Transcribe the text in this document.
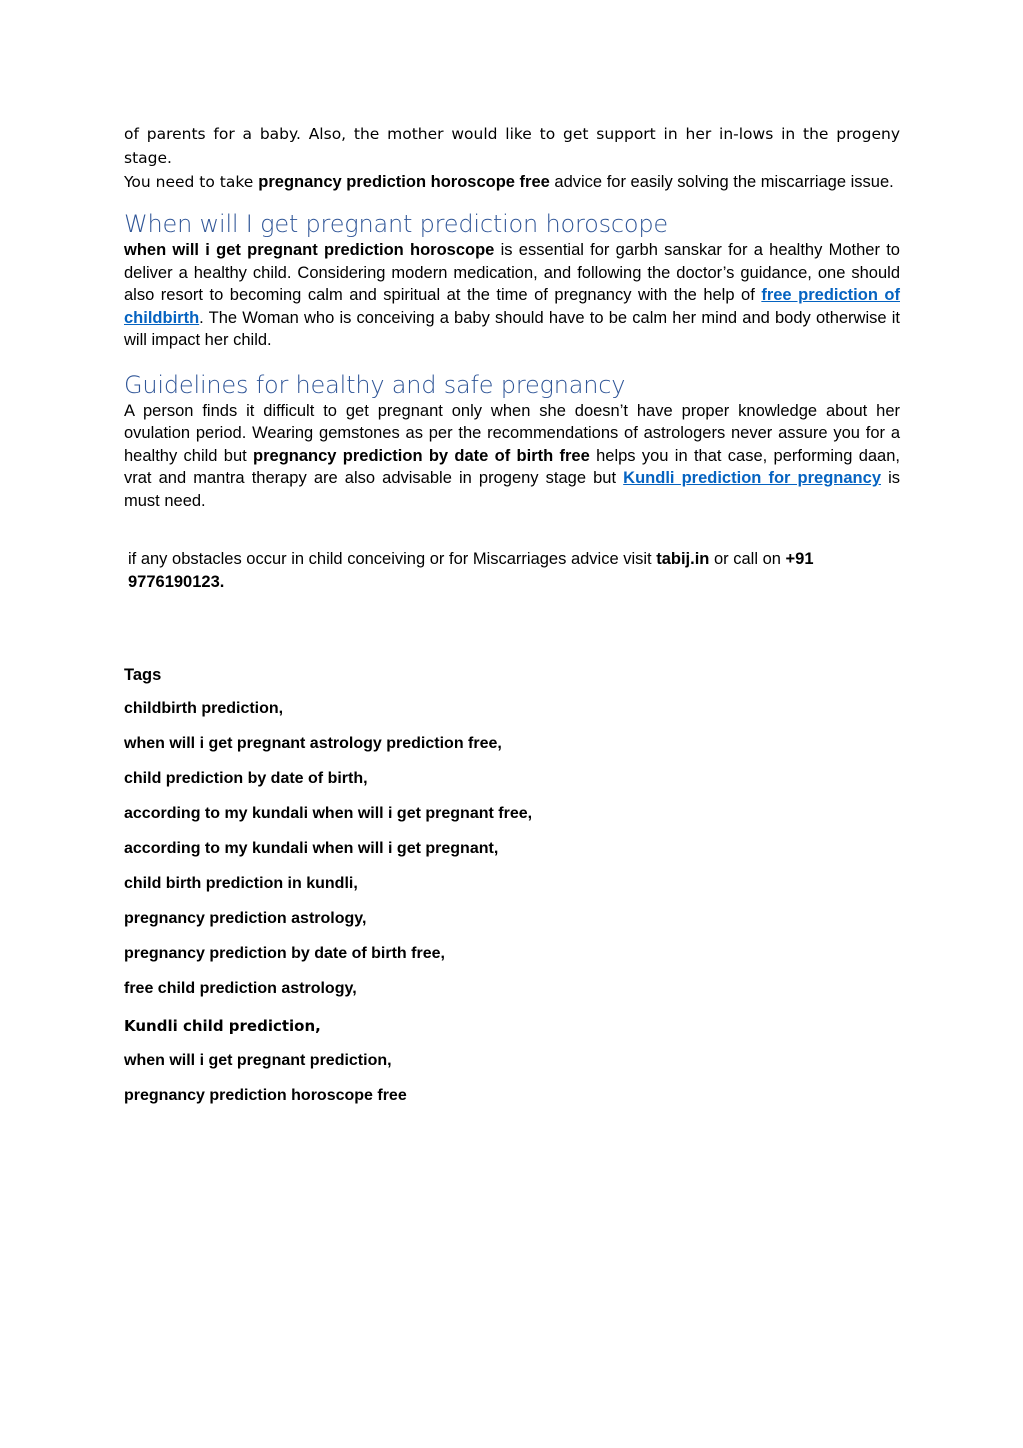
of parents for a baby. Also, the mother would like to get support in her in-lows in the progeny stage.
You need to take pregnancy prediction horoscope free advice for easily solving the miscarriage issue.

When will I get pregnant prediction horoscope

when will i get pregnant prediction horoscope is essential for garbh sanskar for a healthy Mother to deliver a healthy child. Considering modern medication, and following the doctor’s guidance, one should also resort to becoming calm and spiritual at the time of pregnancy with the help of free prediction of childbirth. The Woman who is conceiving a baby should have to be calm her mind and body otherwise it will impact her child.

Guidelines for healthy and safe pregnancy

A person finds it difficult to get pregnant only when she doesn’t have proper knowledge about her ovulation period. Wearing gemstones as per the recommendations of astrologers never assure you for a healthy child but pregnancy prediction by date of birth free helps you in that case, performing daan, vrat and mantra therapy are also advisable in progeny stage but Kundli prediction for pregnancy is must need.

if any obstacles occur in child conceiving or for Miscarriages advice visit tabij.in or call on +91 9776190123.

Tags

childbirth prediction,
when will i get pregnant astrology prediction free,
child prediction by date of birth,
according to my kundali when will i get pregnant free,
according to my kundali when will i get pregnant,
child birth prediction in kundli,
pregnancy prediction astrology,
pregnancy prediction by date of birth free,
free child prediction astrology,
Kundli child prediction,
when will i get pregnant prediction,
pregnancy prediction horoscope free
